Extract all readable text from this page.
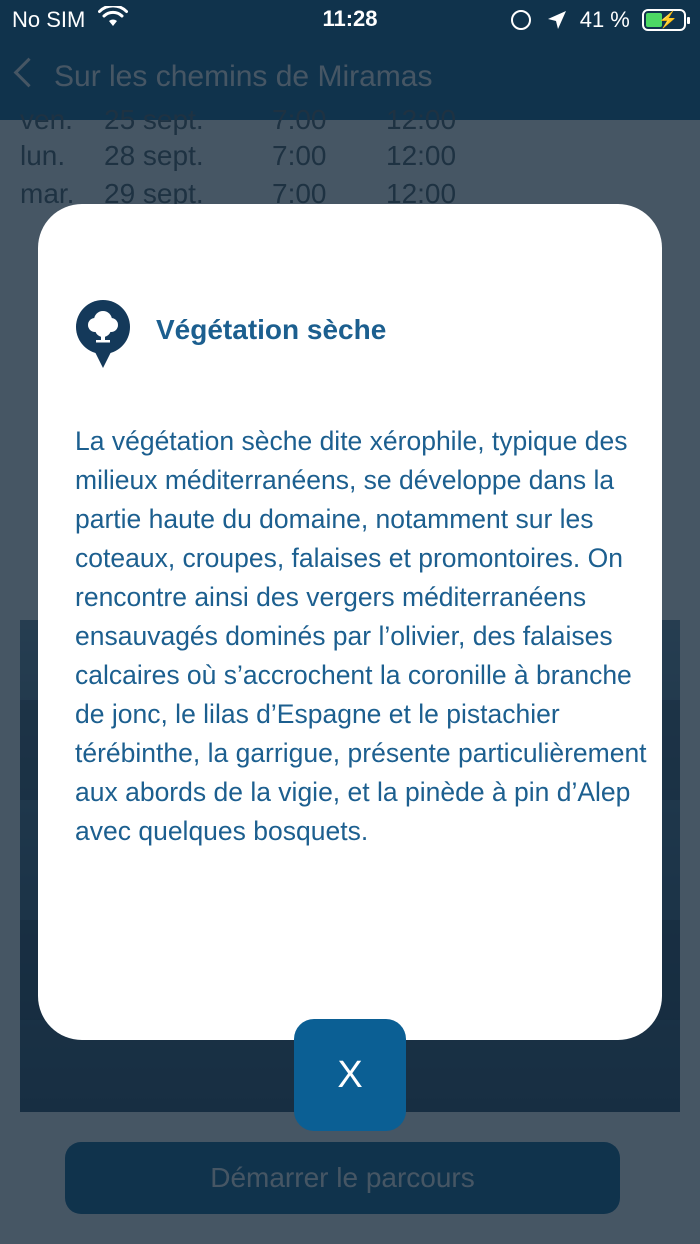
No SIM	11:28	41 % ⚡
Végétation sèche

La végétation sèche dite xérophile, typique des milieux méditerranéens, se développe dans la partie haute du domaine, notamment sur les coteaux, croupes, falaises et promontoires. On rencontre ainsi des vergers méditerranéens ensauvagés dominés par l’olivier, des falaises calcaires où s’accrochent la coronille à branche de jonc, le lilas d’Espagne et le pistachier térébinthe, la garrigue, présente particulièrement aux abords de la vigie, et la pinède à pin d’Alep avec quelques bosquets.

X
